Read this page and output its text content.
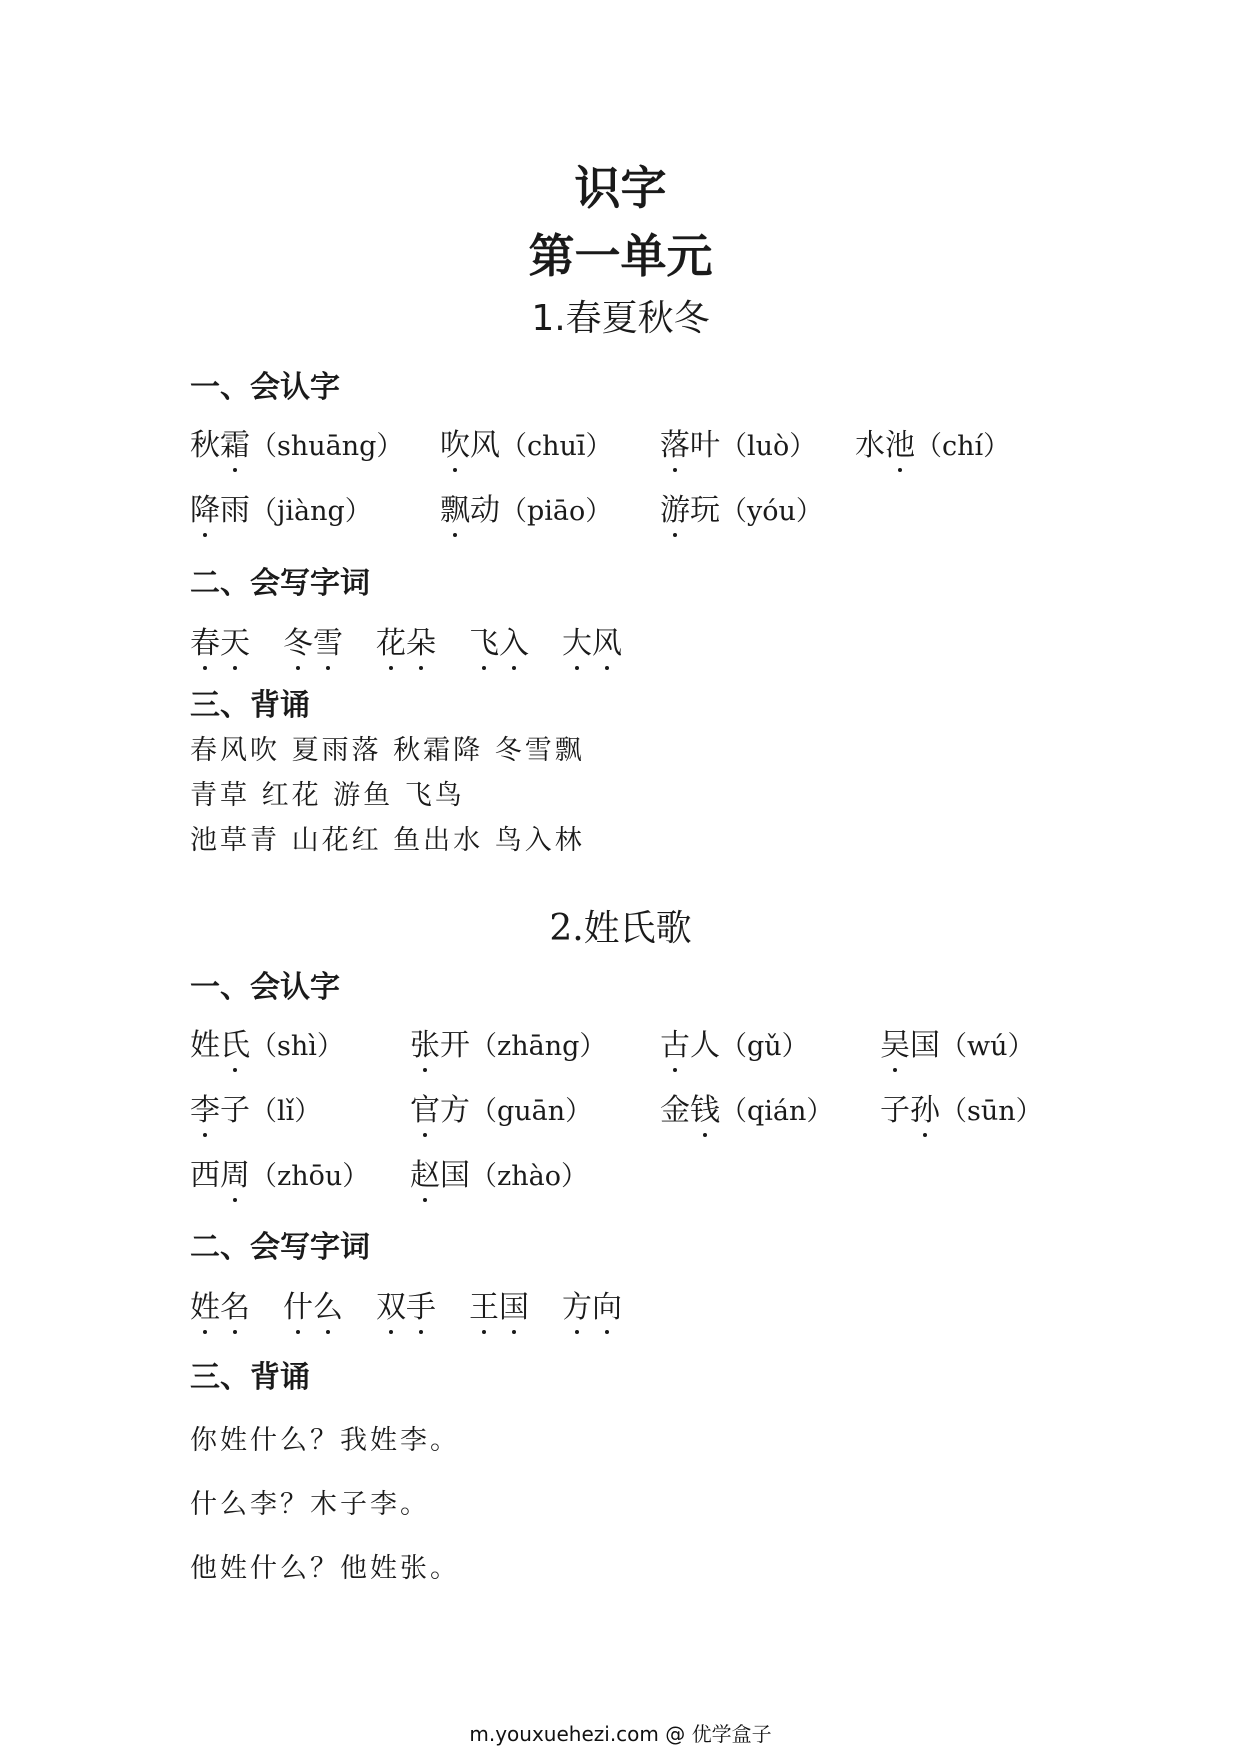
识字
第一单元
1.春夏秋冬
一、会认字
秋霜（shuāng） 吹风（chuī） 落叶（luò） 水池（chí）
降雨（jiàng） 飘动（piāo） 游玩（yóu）
二、会写字词
春天 冬雪 花朵 飞入 大风
三、背诵
春风吹 夏雨落 秋霜降 冬雪飘
青草 红花 游鱼 飞鸟
池草青 山花红 鱼出水 鸟入林
2.姓氏歌
一、会认字
姓氏（shì） 张开（zhāng） 古人（gǔ） 吴国（wú）
李子（lǐ）	官方（guān） 金钱（qián） 子孙（sūn）
西周（zhōu） 赵国（zhào）
二、会写字词
姓名 什么 双手 王国 方向
三、背诵
你姓什么？我姓李。
什么李？木子李。
他姓什么？他姓张。
m.youxuehezi.com @ 优学盒子
